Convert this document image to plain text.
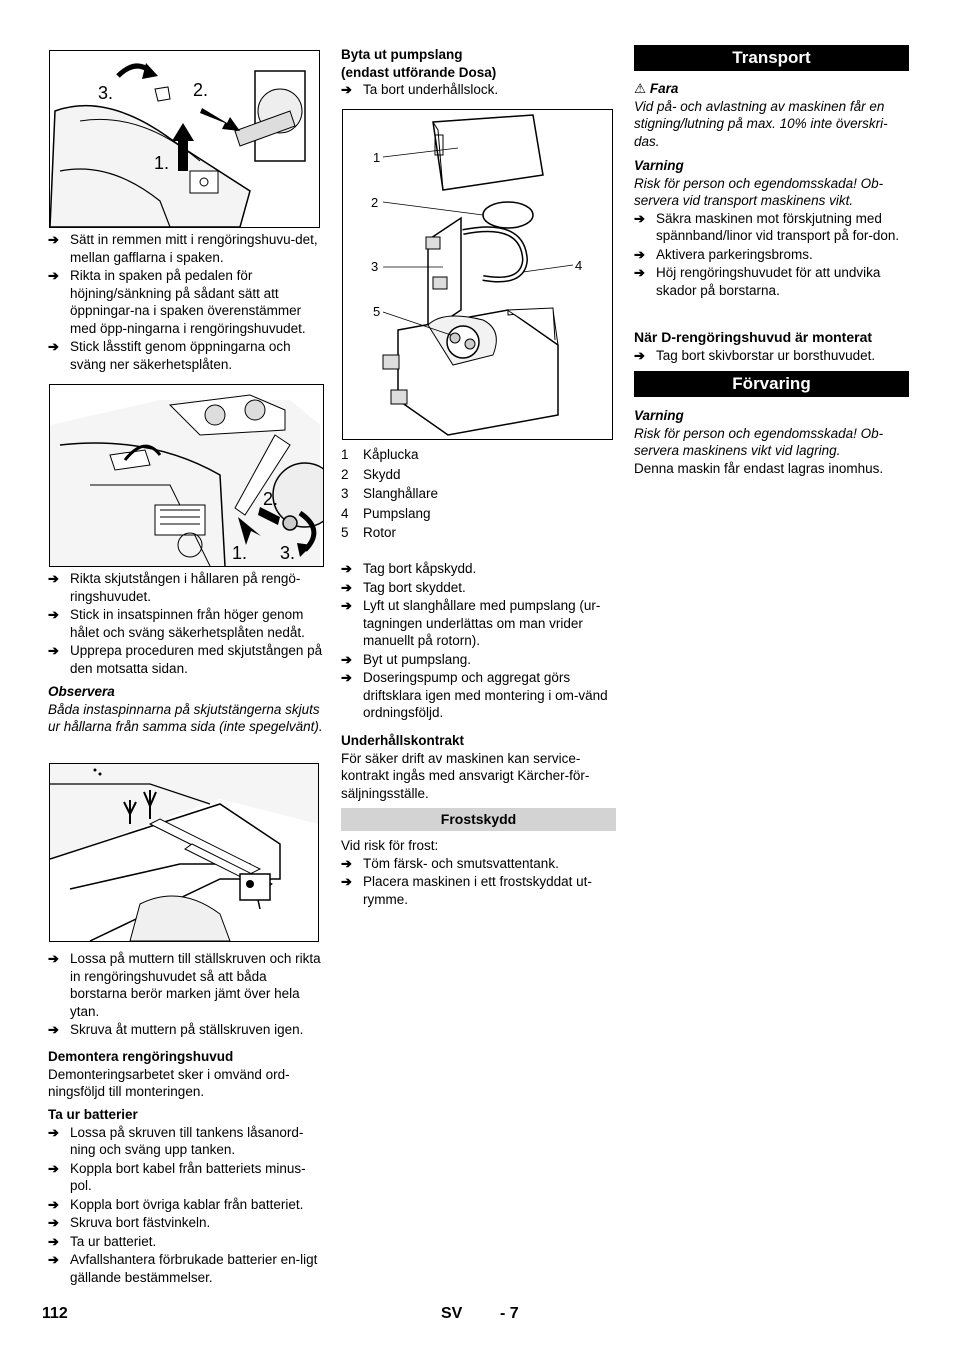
3.	2.
1.
➔ Sätt in remmen mitt i rengöringshuvu-det, mellan gafflarna i spaken.
➔ Rikta in spaken på pedalen för höjning/sänkning på sådant sätt att öppningar-na i spaken överenstämmer med öpp-ningarna i rengöringshuvudet.
➔ Stick låsstift genom öppningarna och sväng ner säkerhetsplåten.
2.
1. 3.
➔ Rikta skjutstången i hållaren på rengö-ringshuvudet.
➔ Stick in insatspinnen från höger genom hålet och sväng säkerhetsplåten nedåt.
➔ Upprepa proceduren med skjutstången på den motsatta sidan.

Observera

Båda instaspinnarna på skjutstängerna skjuts ur hållarna från samma sida (inte spegelvänt).

➔ Lossa på muttern till ställskruven och rikta in rengöringshuvudet så att båda borstarna berör marken jämt över hela ytan.
➔ Skruva åt muttern på ställskruven igen.

Demontera rengöringshuvud

Demonteringsarbetet sker i omvänd ord-ningsföljd till monteringen.

Ta ur batterier

➔ Lossa på skruven till tankens låsanord-ning och sväng upp tanken.
➔ Koppla bort kabel från batteriets minus-pol.
➔ Koppla bort övriga kablar från batteriet.
➔ Skruva bort fästvinkeln.
➔ Ta ur batteriet.
➔ Avfallshantera förbrukade batterier en-ligt gällande bestämmelser.

Byta ut pumpslang

(endast utförande Dosa)

➔ Ta bort underhållslock.
1
2
3	4
5
1	Kåplucka
2	Skydd
3	Slanghållare
4	Pumpslang
5	Rotor
➔ Tag bort kåpskydd.
➔ Tag bort skyddet.
➔ Lyft ut slanghållare med pumpslang (ur-tagningen underlättas om man vrider manuellt på rotorn).
➔ Byt ut pumpslang.
➔ Doseringspump och aggregat görs driftsklara igen med montering i om-vänd ordningsföljd.

Underhållskontrakt

För säker drift av maskinen kan service-kontrakt ingås med ansvarigt Kärcher-för-säljningsställe.

Frostskydd

Vid risk för frost:

➔ Töm färsk- och smutsvattentank.
➔ Placera maskinen i ett frostskyddat ut-rymme.
Transport

⚠ Fara

Vid på- och avlastning av maskinen får en stigning/lutning på max. 10% inte överskri-das.

Varning

Risk för person och egendomsskada! Ob-servera vid transport maskinens vikt.

➔ Säkra maskinen mot förskjutning med spännband/linor vid transport på for-don.
➔ Aktivera parkeringsbroms.
➔ Höj rengöringshuvudet för att undvika skador på borstarna.

När D-rengöringshuvud är monterat

➔ Tag bort skivborstar ur borsthuvudet.
Förvaring

Varning

Risk för person och egendomsskada! Ob-servera maskinens vikt vid lagring.

Denna maskin får endast lagras inomhus.

112	SV - 7
